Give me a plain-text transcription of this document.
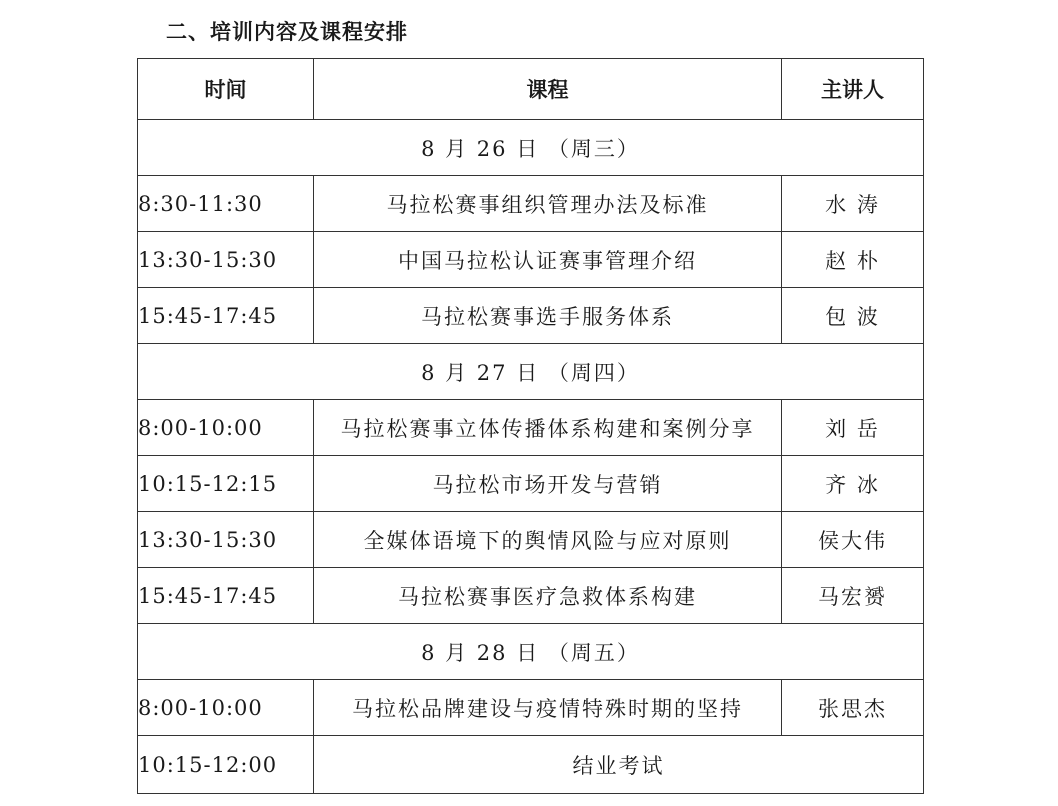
二、培训内容及课程安排
时间	课程	主讲人
8 月 26 日 （周三）		
8:30-11:30	马拉松赛事组织管理办法及标准	水 涛
13:30-15:30	中国马拉松认证赛事管理介绍	赵 朴
15:45-17:45	马拉松赛事选手服务体系	包 波
8 月 27 日 （周四）		
8:00-10:00	马拉松赛事立体传播体系构建和案例分享	刘 岳
10:15-12:15	马拉松市场开发与营销	齐 冰
13:30-15:30	全媒体语境下的舆情风险与应对原则	侯大伟
15:45-17:45	马拉松赛事医疗急救体系构建	马宏赟
8 月 28 日 （周五）		
8:00-10:00	马拉松品牌建设与疫情特殊时期的坚持	张思杰
10:15-12:00	结业考试	
